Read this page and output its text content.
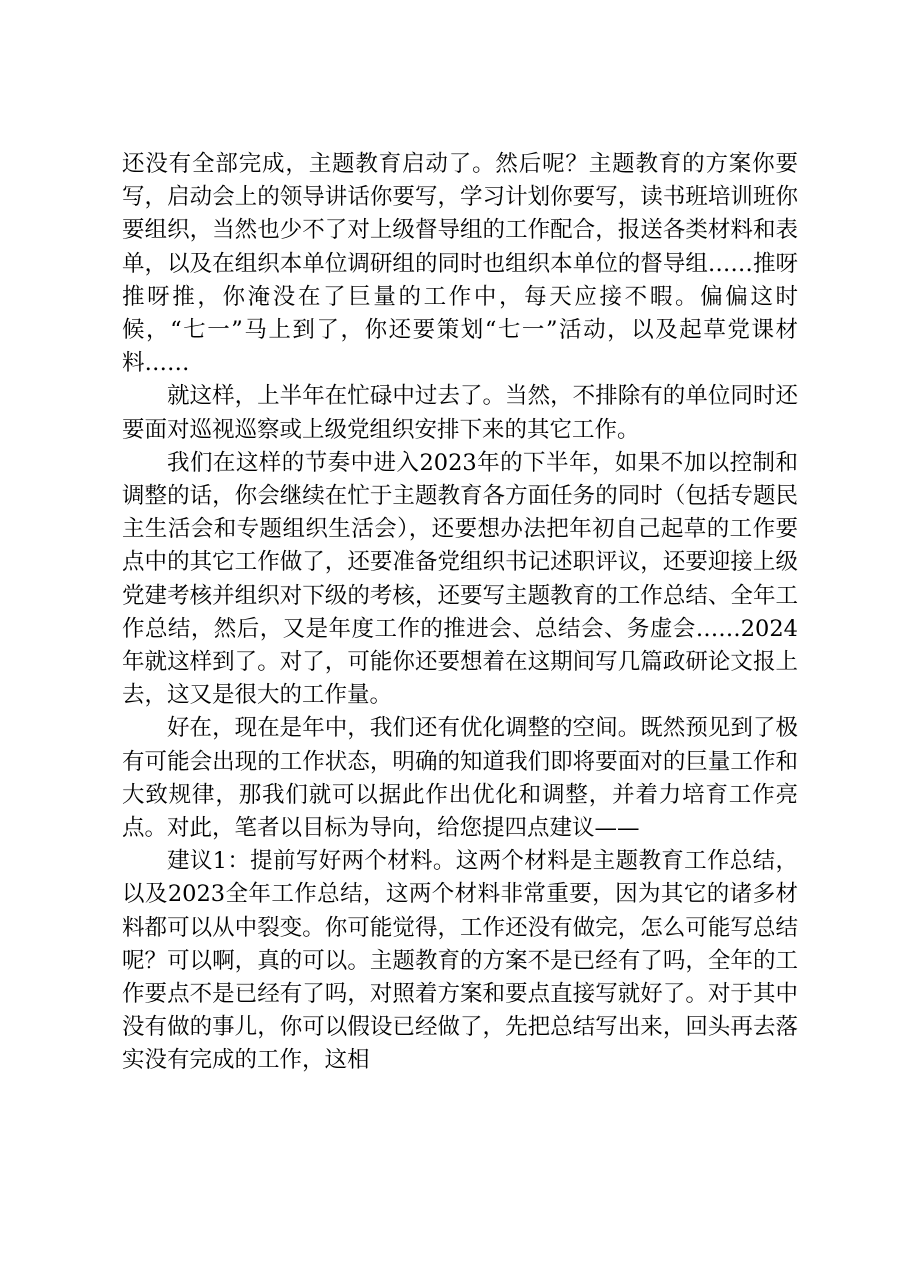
还没有全部完成，主题教育启动了。然后呢？主题教育的方案你要写，启动会上的领导讲话你要写，学习计划你要写，读书班培训班你要组织，当然也少不了对上级督导组的工作配合，报送各类材料和表单，以及在组织本单位调研组的同时也组织本单位的督导组……推呀推呀推，你淹没在了巨量的工作中，每天应接不暇。偏偏这时候，“七一”马上到了，你还要策划“七一”活动，以及起草党课材料……

就这样，上半年在忙碌中过去了。当然，不排除有的单位同时还要面对巡视巡察或上级党组织安排下来的其它工作。

我们在这样的节奏中进入2023年的下半年，如果不加以控制和调整的话，你会继续在忙于主题教育各方面任务的同时（包括专题民主生活会和专题组织生活会），还要想办法把年初自己起草的工作要点中的其它工作做了，还要准备党组织书记述职评议，还要迎接上级党建考核并组织对下级的考核，还要写主题教育的工作总结、全年工作总结，然后，又是年度工作的推进会、总结会、务虚会……2024年就这样到了。对了，可能你还要想着在这期间写几篇政研论文报上去，这又是很大的工作量。

好在，现在是年中，我们还有优化调整的空间。既然预见到了极有可能会出现的工作状态，明确的知道我们即将要面对的巨量工作和大致规律，那我们就可以据此作出优化和调整，并着力培育工作亮点。对此，笔者以目标为导向，给您提四点建议——

建议1：提前写好两个材料。这两个材料是主题教育工作总结，以及2023全年工作总结，这两个材料非常重要，因为其它的诸多材料都可以从中裂变。你可能觉得，工作还没有做完，怎么可能写总结呢？可以啊，真的可以。主题教育的方案不是已经有了吗，全年的工作要点不是已经有了吗，对照着方案和要点直接写就好了。对于其中没有做的事儿，你可以假设已经做了，先把总结写出来，回头再去落实没有完成的工作，这相
